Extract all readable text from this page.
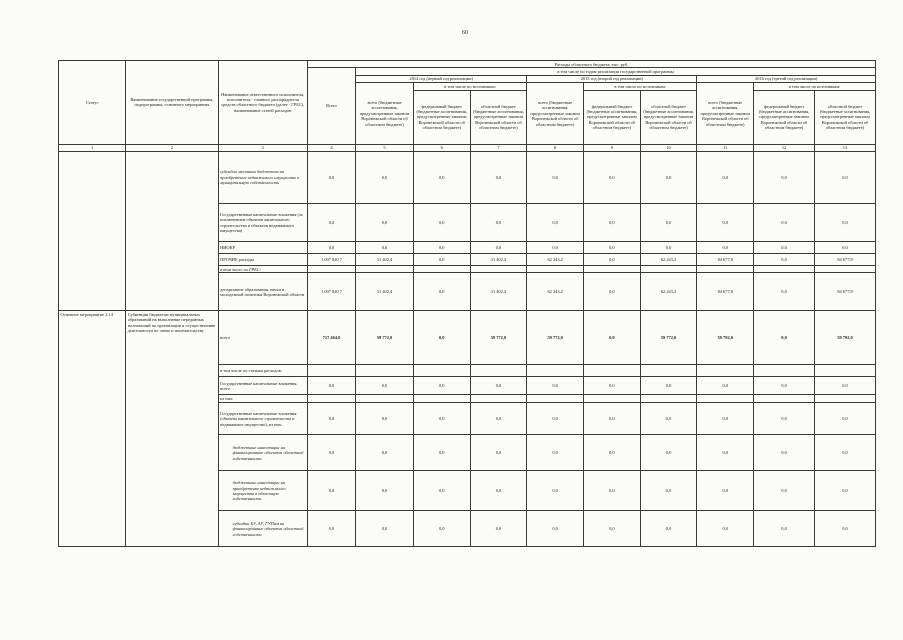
60
Статус	Наименование государственной программы, подпрограммы, основного мероприятия	Наименование ответственного исполнителя, исполнителя - главного распорядителя средств областного бюджета (далее - ГРБС), наименование статей расходов	Расходы областного бюджета, тыс. руб.									
			Всего	в том числе по годам реализации государственной программы								
				2014 год (первый год реализации)			2015 год (второй год реализации)			2016 год (третий год реализации)		
				всего (бюджетные ассигнования, предусмотренные законом Воронежской области об областном бюджете)	в том числе по источникам:		всего (бюджетные ассигнования, предусмотренные законом Воронежской области об областном бюджете)	в том числе по источникам:		всего (бюджетные ассигнования, предусмотренные законом Воронежской области об областном бюджете)	в том числе по источникам:	
					федеральный бюджет (бюджетные ассигнования, предусмотренные законом Воронежской области об областном бюджете)	областной бюджет (бюджетные ассигнования, предусмотренные законом Воронежской области об областном бюджете)		федеральный бюджет (бюджетные ассигнования, предусмотренные законом Воронежской области об областном бюджете)	областной бюджет (бюджетные ассигнования, предусмотренные законом Воронежской области об областном бюджете)		федеральный бюджет (бюджетные ассигнования, предусмотренные законом Воронежской области об областном бюджете)	областной бюджет (бюджетные ассигнования, предусмотренные законом Воронежской области об областном бюджете)
1	2	3	4	5	6	7	8	9	10	11	12	13
		субсидии местным бюджетам на приобретение недвижимого имущества в муниципальную собственность	0,0	0,0	0,0	0,0	0,0	0,0	0,0	0,0	0,0	0,0
		Государственные капитальные вложения (за исключением объектов капитального строительства и объектов недвижимого имущества)	0,0	0,0	0,0	0,0	0,0	0,0	0,0	0,0	0,0	0,0
		НИОКР	0,0	0,0	0,0	0,0	0,0	0,0	0,0	0,0	0,0	0,0
		ПРОЧИЕ расходы	1 007 820,7	31 402,4	0,0	31 402,4	62 243,2	0,0	62 243,2	84 677,8	0,0	84 677,8
		в том числе по ГРБС:										
		департамент образования, науки и молодежной политики Воронежской области	1 007 820,7	31 402,4	0,0	31 402,4	62 243,2	0,0	62 243,2	84 677,8	0,0	84 677,8
Основное мероприятие 2.14	Субвенции бюджетам муниципальных образований на выполнение переданных полномочий по организации и осуществлению деятельности по опеке и попечительству	всего	717 464,0	59 772,0	0,0	59 772,0	59 772,0	0,0	59 772,0	59 792,0	0,0	59 792,0
		в том числе по статьям расходов:										
		Государственные капитальные вложения, всего	0,0	0,0	0,0	0,0	0,0	0,0	0,0	0,0	0,0	0,0
		из них:										
		Государственные капитальные вложения (объекты капитального строительства и недвижимое имущество), из них:	0,0	0,0	0,0	0,0	0,0	0,0	0,0	0,0	0,0	0,0
		бюджетные инвестиции на финансирование объектов областной собственности	0,0	0,0	0,0	0,0	0,0	0,0	0,0	0,0	0,0	0,0
		бюджетные инвестиции на приобретение недвижимого имущества в областную собственность	0,0	0,0	0,0	0,0	0,0	0,0	0,0	0,0	0,0	0,0
		субсидии БУ, АУ, ГУПам на финансирование объектов областной собственности	0,0	0,0	0,0	0,0	0,0	0,0	0,0	0,0	0,0	0,0
